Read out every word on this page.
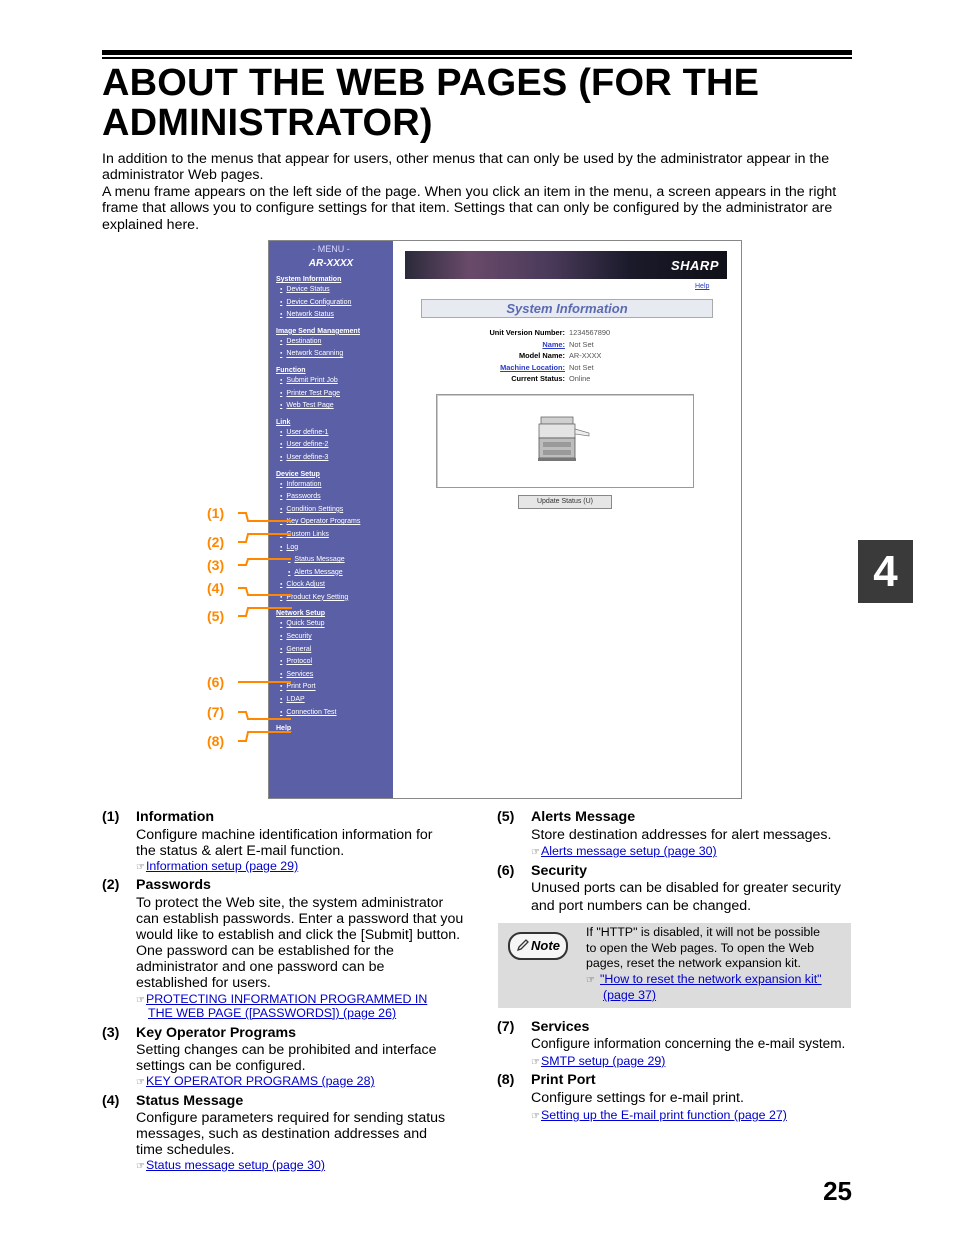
ABOUT THE WEB PAGES (FOR THE
ADMINISTRATOR)

In addition to the menus that appear for users, other menus that can only be used by the administrator appear in the administrator Web pages.

A menu frame appears on the left side of the page. When you click an item in the menu, a screen appears in the right frame that allows you to configure settings for that item. Settings that can only be configured by the administrator are explained here.

4
- MENU -
AR-XXXX
System Information
● Device Status
● Device Configuration
● Network Status
Image Send Management
● Destination
● Network Scanning
Function
● Submit Print Job
● Printer Test Page
● Web Test Page
Link
● User define-1
● User define-2
● User define-3
Device Setup
● Information
● Passwords
● Condition Settings
● Key Operator Programs
● Custom Links
● Log
● Status Message
● Alerts Message
● Clock Adjust
● Product Key Setting
Network Setup
● Quick Setup
● Security
● General
● Protocol
● Services
● Print Port
● LDAP
● Connection Test
Help
SHARP
Help
System Information
Unit Version Number: 1234567890
Name: Not Set
Model Name: AR-XXXX
Machine Location: Not Set
Current Status: Online
Update Status (U)
(1)
(2)
(3)
(4)
(5)
(6)
(7)
(8)
(1) Information
Configure machine identification information for
the status & alert E-mail function.
☞Information setup (page 29)
(2) Passwords
To protect the Web site, the system administrator
can establish passwords. Enter a password that you
would like to establish and click the [Submit] button.
One password can be established for the
administrator and one password can be
established for users.
☞PROTECTING INFORMATION PROGRAMMED IN
THE WEB PAGE ([PASSWORDS]) (page 26)
(3) Key Operator Programs
Setting changes can be prohibited and interface
settings can be configured.
☞KEY OPERATOR PROGRAMS (page 28)
(4) Status Message
Configure parameters required for sending status
messages, such as destination addresses and
time schedules.
☞Status message setup (page 30)
(5) Alerts Message
Store destination addresses for alert messages.
☞Alerts message setup (page 30)
(6) Security
Unused ports can be disabled for greater security
and port numbers can be changed.
Note
If "HTTP" is disabled, it will not be possible
to open the Web pages. To open the Web
pages, reset the network expansion kit.
☞ "How to reset the network expansion kit"
(page 37)
(7) Services
Configure information concerning the e-mail system.
☞SMTP setup (page 29)
(8) Print Port
Configure settings for e-mail print.
☞Setting up the E-mail print function (page 27)
25
